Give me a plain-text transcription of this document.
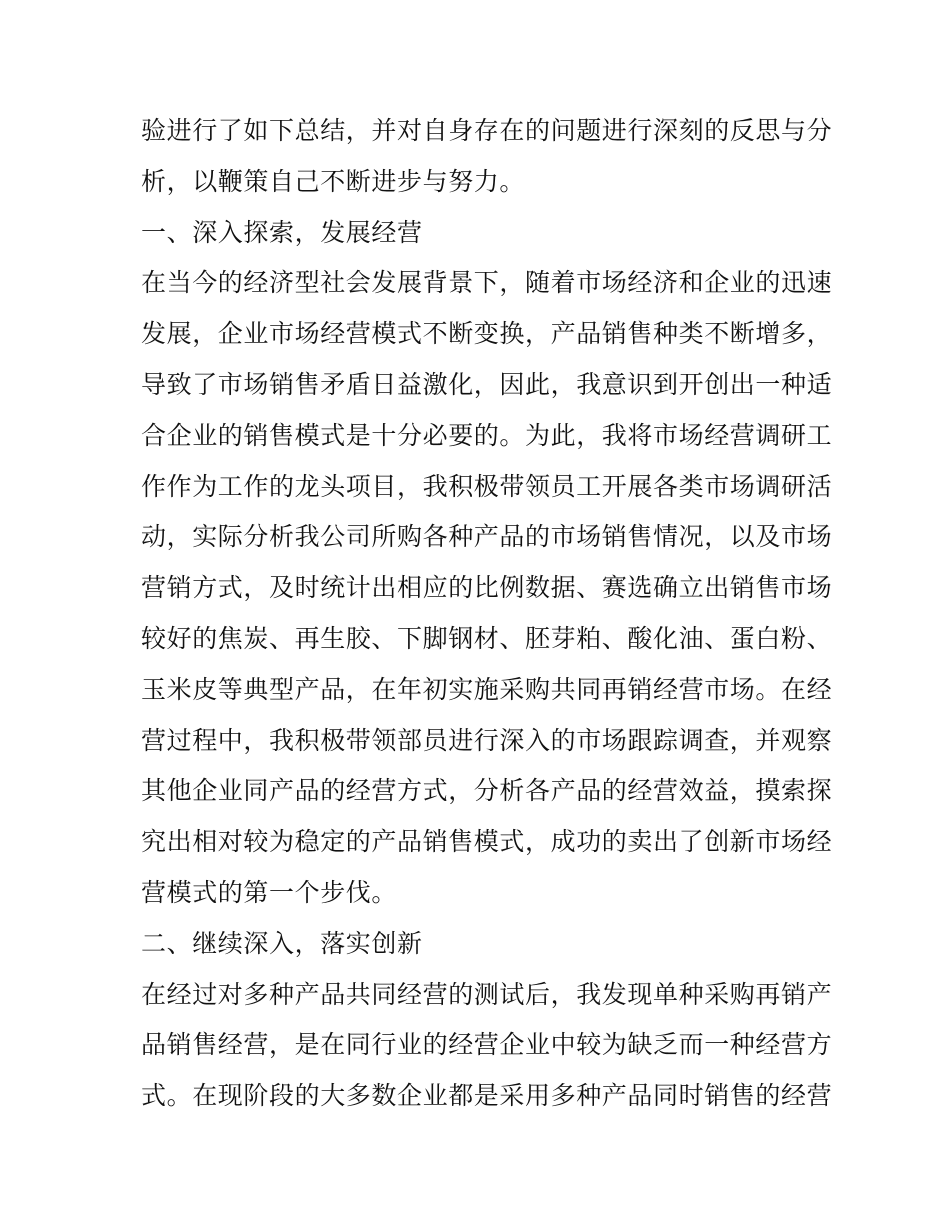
验进行了如下总结，并对自身存在的问题进行深刻的反思与分
析，以鞭策自己不断进步与努力。
一、深入探索，发展经营
在当今的经济型社会发展背景下，随着市场经济和企业的迅速
发展，企业市场经营模式不断变换，产品销售种类不断增多，
导致了市场销售矛盾日益激化，因此，我意识到开创出一种适
合企业的销售模式是十分必要的。为此，我将市场经营调研工
作作为工作的龙头项目，我积极带领员工开展各类市场调研活
动，实际分析我公司所购各种产品的市场销售情况，以及市场
营销方式，及时统计出相应的比例数据、赛选确立出销售市场
较好的焦炭、再生胶、下脚钢材、胚芽粕、酸化油、蛋白粉、
玉米皮等典型产品，在年初实施采购共同再销经营市场。在经
营过程中，我积极带领部员进行深入的市场跟踪调查，并观察
其他企业同产品的经营方式，分析各产品的经营效益，摸索探
究出相对较为稳定的产品销售模式，成功的卖出了创新市场经
营模式的第一个步伐。
二、继续深入，落实创新
在经过对多种产品共同经营的测试后，我发现单种采购再销产
品销售经营，是在同行业的经营企业中较为缺乏而一种经营方
式。在现阶段的大多数企业都是采用多种产品同时销售的经营
